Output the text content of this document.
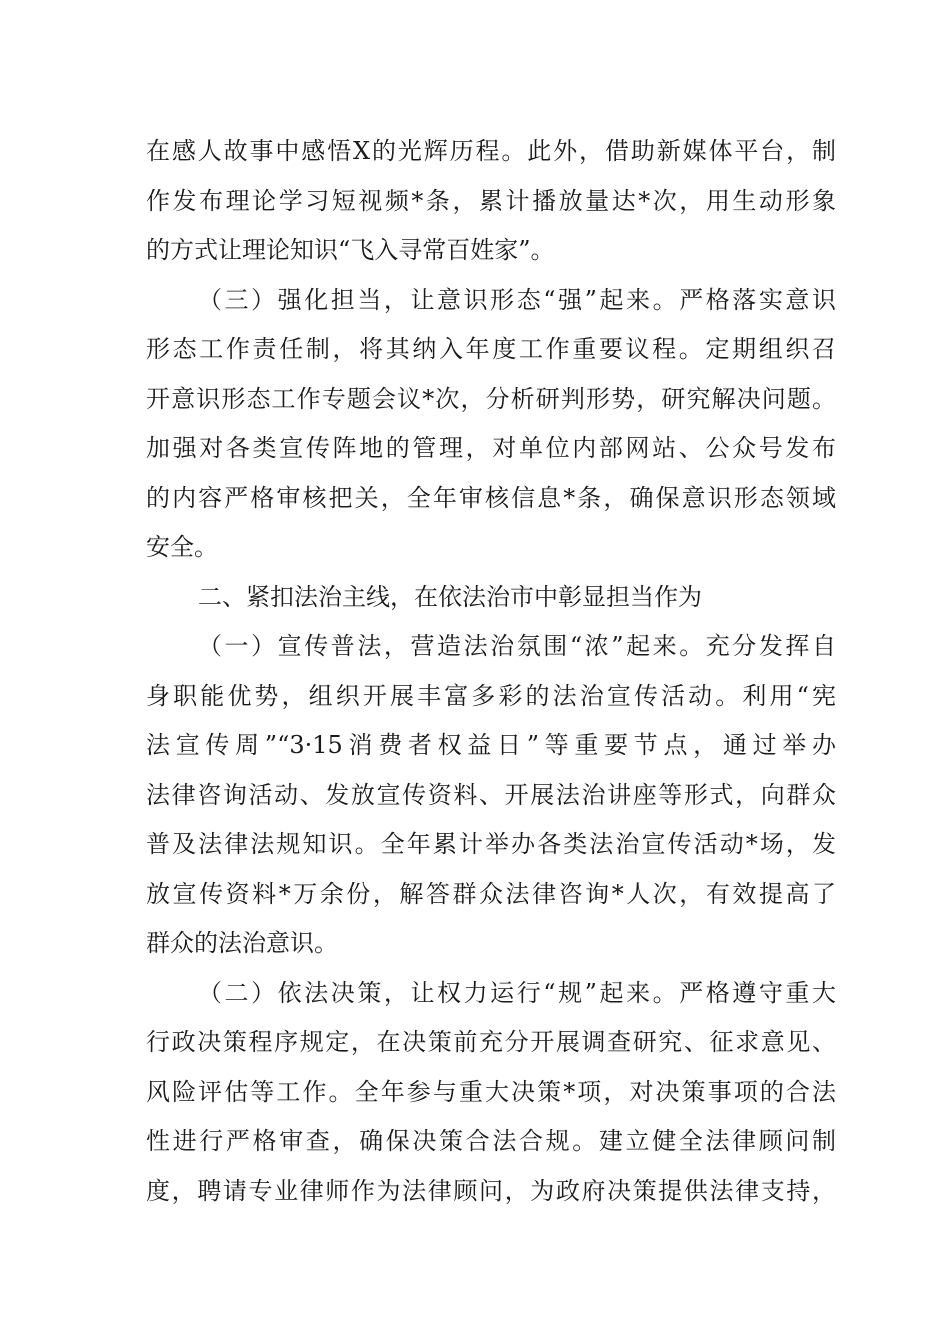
在感人故事中感悟X的光辉历程。此外，借助新媒体平台，制
作发布理论学习短视频*条，累计播放量达*次，用生动形象
的方式让理论知识“飞入寻常百姓家”。
（三）强化担当，让意识形态“强”起来。严格落实意识
形态工作责任制，将其纳入年度工作重要议程。定期组织召
开意识形态工作专题会议*次，分析研判形势，研究解决问题。
加强对各类宣传阵地的管理，对单位内部网站、公众号发布
的内容严格审核把关，全年审核信息*条，确保意识形态领域
安全。
二、紧扣法治主线，在依法治市中彰显担当作为
（一）宣传普法，营造法治氛围“浓”起来。充分发挥自
身职能优势，组织开展丰富多彩的法治宣传活动。利用“宪
法宣传周”“3·15消费者权益日”等重要节点，通过举办
法律咨询活动、发放宣传资料、开展法治讲座等形式，向群众
普及法律法规知识。全年累计举办各类法治宣传活动*场，发
放宣传资料*万余份，解答群众法律咨询*人次，有效提高了
群众的法治意识。
（二）依法决策，让权力运行“规”起来。严格遵守重大
行政决策程序规定，在决策前充分开展调查研究、征求意见、
风险评估等工作。全年参与重大决策*项，对决策事项的合法
性进行严格审查，确保决策合法合规。建立健全法律顾问制
度，聘请专业律师作为法律顾问，为政府决策提供法律支持，
